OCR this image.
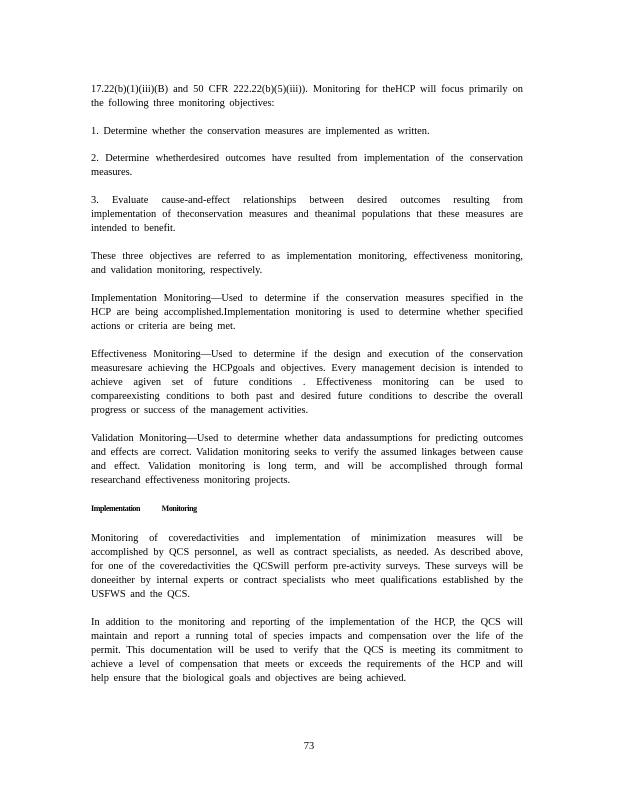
17.22(b)(1)(iii)(B) and 50 CFR 222.22(b)(5)(iii)). Monitoring for theHCP will focus primarily on the following three monitoring objectives:

1. Determine whether the conservation measures are implemented as written.

2. Determine whetherdesired outcomes have resulted from implementation of the conservation measures.

3. Evaluate cause-and-effect relationships between desired outcomes resulting from implementation of theconservation measures and theanimal populations that these measures are intended to benefit.

These three objectives are referred to as implementation monitoring, effectiveness monitoring, and validation monitoring, respectively.

Implementation Monitoring—Used to determine if the conservation measures specified in the HCP are being accomplished.Implementation monitoring is used to determine whether specified actions or criteria are being met.

Effectiveness Monitoring—Used to determine if the design and execution of the conservation measuresare achieving the HCPgoals and objectives. Every management decision is intended to achieve agiven set of future conditions . Effectiveness monitoring can be used to compareexisting conditions to both past and desired future conditions to describe the overall progress or success of the management activities.

Validation Monitoring—Used to determine whether data andassumptions for predicting outcomes and effects are correct. Validation monitoring seeks to verify the assumed linkages between cause and effect. Validation monitoring is long term, and will be accomplished through formal researchand effectiveness monitoring projects.

Implementation Monitoring

Monitoring of coveredactivities and implementation of minimization measures will be accomplished by QCS personnel, as well as contract specialists, as needed. As described above, for one of the coveredactivities the QCSwill perform pre-activity surveys. These surveys will be doneeither by internal experts or contract specialists who meet qualifications established by the USFWS and the QCS.

In addition to the monitoring and reporting of the implementation of the HCP, the QCS will maintain and report a running total of species impacts and compensation over the life of the permit. This documentation will be used to verify that the QCS is meeting its commitment to achieve a level of compensation that meets or exceeds the requirements of the HCP and will help ensure that the biological goals and objectives are being achieved.

73
